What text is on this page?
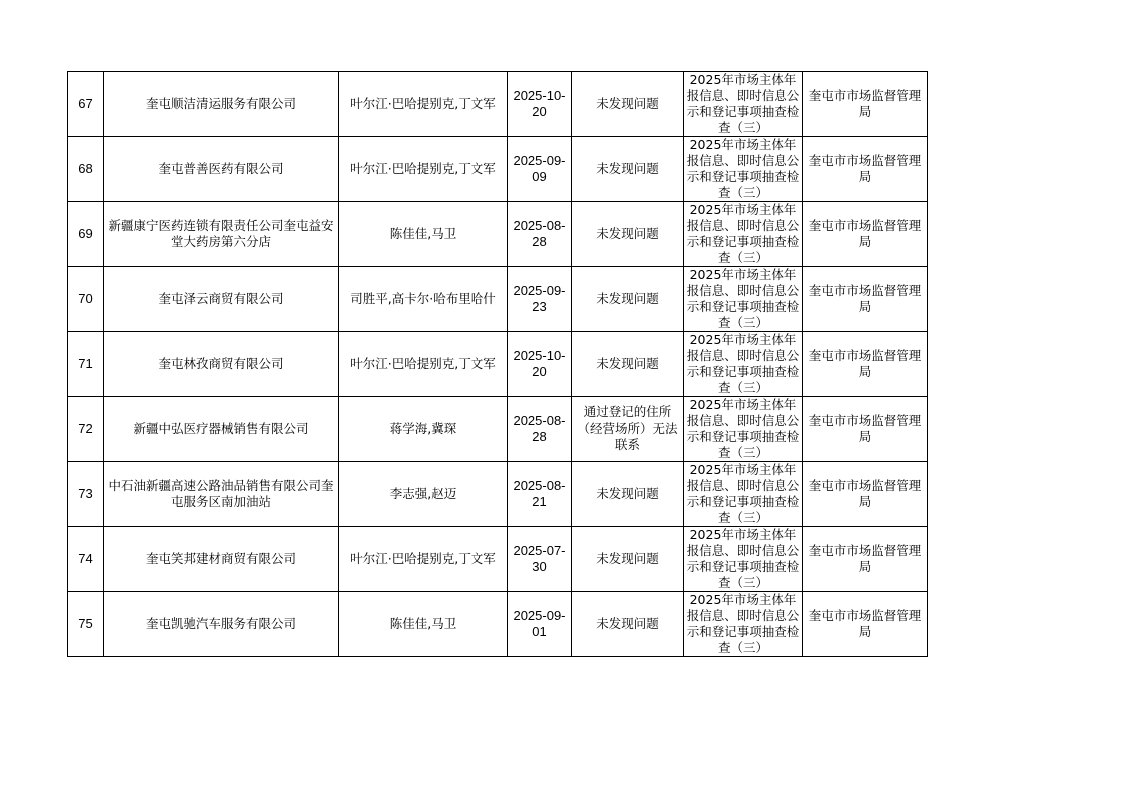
67	奎屯顺洁清运服务有限公司	叶尔江·巴哈提别克,丁文军	2025-10-20	未发现问题	2025年市场主体年报信息、即时信息公示和登记事项抽查检查（三）	奎屯市市场监督管理局

68	奎屯普善医药有限公司	叶尔江·巴哈提别克,丁文军	2025-09-09	未发现问题	2025年市场主体年报信息、即时信息公示和登记事项抽查检查（三）	奎屯市市场监督管理局

69	新疆康宁医药连锁有限责任公司奎屯益安堂大药房第六分店	陈佳佳,马卫	2025-08-28	未发现问题	2025年市场主体年报信息、即时信息公示和登记事项抽查检查（三）	奎屯市市场监督管理局

70	奎屯泽云商贸有限公司	司胜平,高卡尔·哈布里哈什	2025-09-23	未发现问题	2025年市场主体年报信息、即时信息公示和登记事项抽查检查（三）	奎屯市市场监督管理局

71	奎屯林孜商贸有限公司	叶尔江·巴哈提别克,丁文军	2025-10-20	未发现问题	2025年市场主体年报信息、即时信息公示和登记事项抽查检查（三）	奎屯市市场监督管理局

72	新疆中弘医疗器械销售有限公司	蒋学海,冀琛	2025-08-28	通过登记的住所（经营场所）无法联系	2025年市场主体年报信息、即时信息公示和登记事项抽查检查（三）	奎屯市市场监督管理局

73	中石油新疆高速公路油品销售有限公司奎屯服务区南加油站	李志强,赵迈	2025-08-21	未发现问题	2025年市场主体年报信息、即时信息公示和登记事项抽查检查（三）	奎屯市市场监督管理局

74	奎屯笑邦建材商贸有限公司	叶尔江·巴哈提别克,丁文军	2025-07-30	未发现问题	2025年市场主体年报信息、即时信息公示和登记事项抽查检查（三）	奎屯市市场监督管理局

75	奎屯凯驰汽车服务有限公司	陈佳佳,马卫	2025-09-01	未发现问题	2025年市场主体年报信息、即时信息公示和登记事项抽查检查（三）	奎屯市市场监督管理局
